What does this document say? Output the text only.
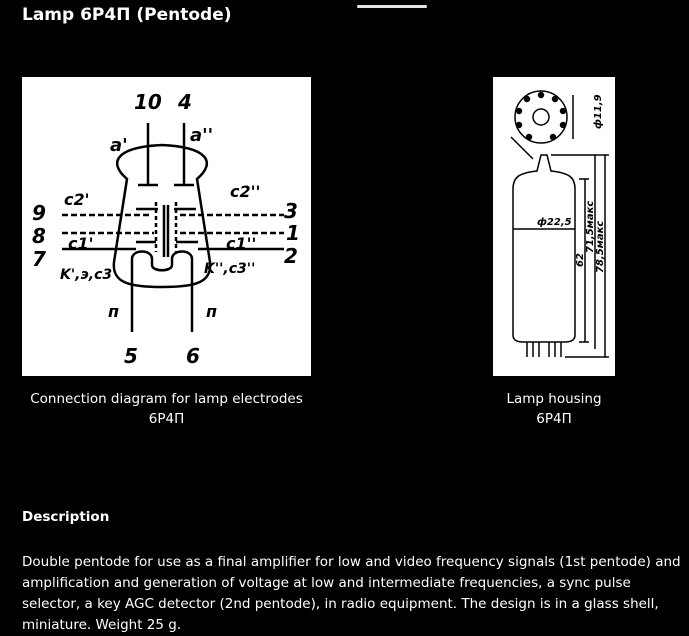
Lamp 6P4П (Pentode)
10 4
a'	a''
c2'	c2''
c1'	c1''
K',э,c3'	K'',c3''
9
8
7
3
1
2
п	п
5 6
Connection diagram for lamp electrodes
6P4П
ф11,9
ф22,5
62
71,5макс 78,5макс
Lamp housing
6P4П
Description

Double pentode for use as a final amplifier for low and video frequency signals (1st pentode) and amplification and generation of voltage at low and intermediate frequencies, a sync pulse selector, a key AGC detector (2nd pentode), in radio equipment. The design is in a glass shell, miniature. Weight 25 g.
